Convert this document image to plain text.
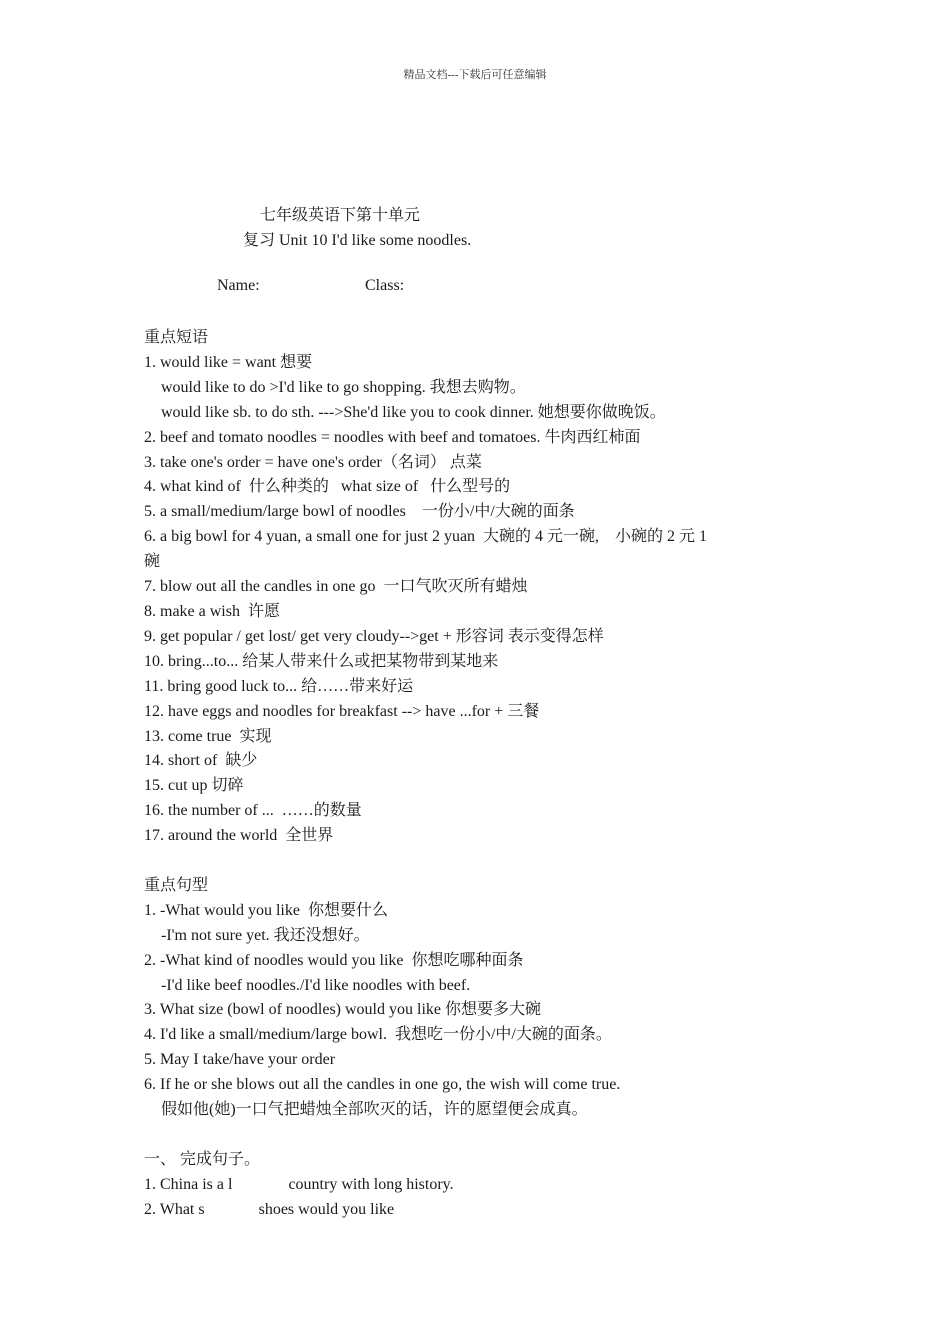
精品文档---下载后可任意编辑
七年级英语下第十单元
复习 Unit 10 I'd like some noodles.
Name:	Class:
重点短语
1. would like = want 想要
would like to do >I'd like to go shopping. 我想去购物。
would like sb. to do sth. --->She'd like you to cook dinner. 她想要你做晚饭。
2. beef and tomato noodles = noodles with beef and tomatoes. 牛肉西红柿面
3. take one's order = have one's order（名词） 点菜
4. what kind of  什么种类的   what size of   什么型号的
5. a small/medium/large bowl of noodles    一份小/中/大碗的面条
6. a big bowl for 4 yuan, a small one for just 2 yuan  大碗的 4 元一碗,    小碗的 2 元 1
碗
7. blow out all the candles in one go  一口气吹灭所有蜡烛
8. make a wish  许愿
9. get popular / get lost/ get very cloudy-->get + 形容词 表示变得怎样
10. bring...to... 给某人带来什么或把某物带到某地来
11. bring good luck to... 给……带来好运
12. have eggs and noodles for breakfast --> have ...for + 三餐
13. come true  实现
14. short of  缺少
15. cut up 切碎
16. the number of ...  ……的数量
17. around the world  全世界
重点句型
1. -What would you like  你想要什么
-I'm not sure yet. 我还没想好。
2. -What kind of noodles would you like  你想吃哪种面条
-I'd like beef noodles./I'd like noodles with beef.
3. What size (bowl of noodles) would you like 你想要多大碗
4. I'd like a small/medium/large bowl.  我想吃一份小/中/大碗的面条。
5. May I take/have your order
6. If he or she blows out all the candles in one go, the wish will come true.
假如他(她)一口气把蜡烛全部吹灭的话，许的愿望便会成真。
一、 完成句子。
1. China is a l	country with long history.
2. What s	shoes would you like
